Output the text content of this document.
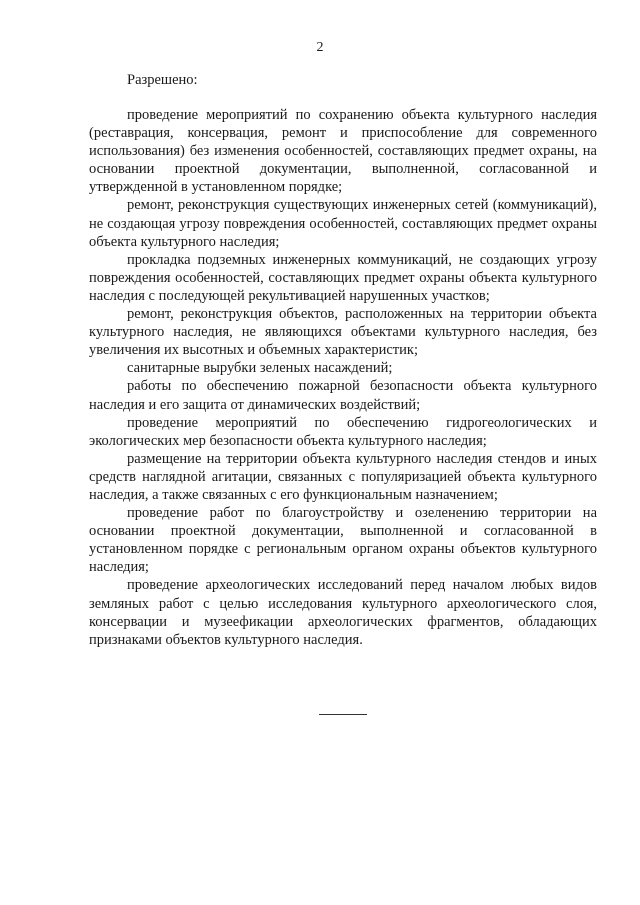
2
Разрешено:

проведение мероприятий по сохранению объекта культурного наследия (реставрация, консервация, ремонт и приспособление для современного использования) без изменения особенностей, составляющих предмет охраны, на основании проектной документации, выполненной, согласованной и утвержденной в установленном порядке;

ремонт, реконструкция существующих инженерных сетей (коммуникаций), не создающая угрозу повреждения особенностей, составляющих предмет охраны объекта культурного наследия;

прокладка подземных инженерных коммуникаций, не создающих угрозу повреждения особенностей, составляющих предмет охраны объекта культурного наследия с последующей рекультивацией нарушенных участков;

ремонт, реконструкция объектов, расположенных на территории объекта культурного наследия, не являющихся объектами культурного наследия, без увеличения их высотных и объемных характеристик;

санитарные вырубки зеленых насаждений;

работы по обеспечению пожарной безопасности объекта культурного наследия и его защита от динамических воздействий;

проведение мероприятий по обеспечению гидрогеологических и экологических мер безопасности объекта культурного наследия;

размещение на территории объекта культурного наследия стендов и иных средств наглядной агитации, связанных с популяризацией объекта культурного наследия, а также связанных с его функциональным назначением;

проведение работ по благоустройству и озеленению территории на основании проектной документации, выполненной и согласованной в установленном порядке с региональным органом охраны объектов культурного наследия;

проведение археологических исследований перед началом любых видов земляных работ с целью исследования культурного археологического слоя, консервации и музеефикации археологических фрагментов, обладающих признаками объектов культурного наследия.
